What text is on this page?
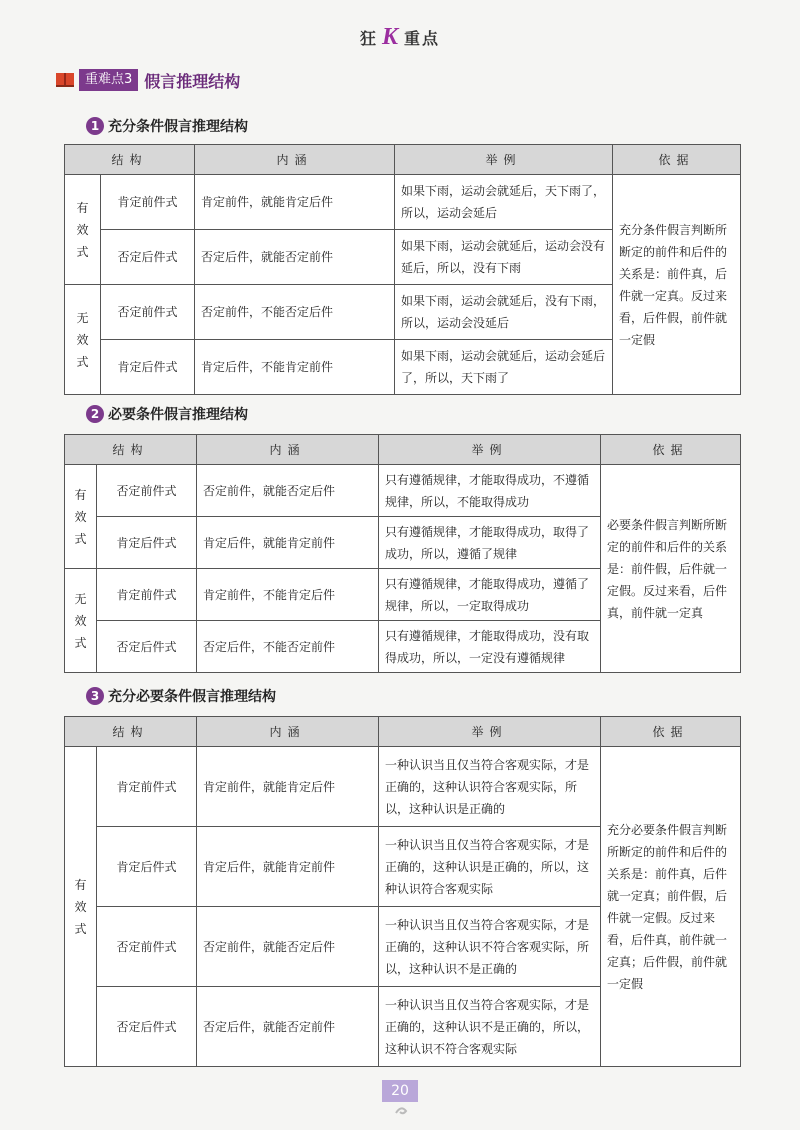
狂 K 重点
重难点3 假言推理结构
1 充分条件假言推理结构
结构		内涵	举例	依据
有效式	肯定前件式	肯定前件，就能肯定后件	如果下雨，运动会就延后，天下雨了，所以，运动会延后	充分条件假言判断所断定的前件和后件的关系是：前件真，后件就一定真。反过来看，后件假，前件就一定假
	否定后件式	否定后件，就能否定前件	如果下雨，运动会就延后，运动会没有延后，所以，没有下雨	
无效式	否定前件式	否定前件，不能否定后件	如果下雨，运动会就延后，没有下雨，所以，运动会没延后	
	肯定后件式	肯定后件，不能肯定前件	如果下雨，运动会就延后，运动会延后了，所以，天下雨了	
2 必要条件假言推理结构
结构		内涵	举例	依据
有效式	否定前件式	否定前件，就能否定后件	只有遵循规律，才能取得成功，不遵循规律，所以，不能取得成功	必要条件假言判断所断定的前件和后件的关系是：前件假，后件就一定假。反过来看，后件真，前件就一定真
	肯定后件式	肯定后件，就能肯定前件	只有遵循规律，才能取得成功，取得了成功，所以，遵循了规律	
无效式	肯定前件式	肯定前件，不能肯定后件	只有遵循规律，才能取得成功，遵循了规律，所以，一定取得成功	
	否定后件式	否定后件，不能否定前件	只有遵循规律，才能取得成功，没有取得成功，所以，一定没有遵循规律	
3 充分必要条件假言推理结构
结构		内涵	举例	依据
有效式	肯定前件式	肯定前件，就能肯定后件	一种认识当且仅当符合客观实际，才是正确的，这种认识符合客观实际，所以，这种认识是正确的	充分必要条件假言判断所断定的前件和后件的关系是：前件真，后件就一定真；前件假，后件就一定假。反过来看，后件真，前件就一定真；后件假，前件就一定假
	肯定后件式	肯定后件，就能肯定前件	一种认识当且仅当符合客观实际，才是正确的，这种认识是正确的，所以，这种认识符合客观实际	
	否定前件式	否定前件，就能否定后件	一种认识当且仅当符合客观实际，才是正确的，这种认识不符合客观实际，所以，这种认识不是正确的	
	否定后件式	否定后件，就能否定前件	一种认识当且仅当符合客观实际，才是正确的，这种认识不是正确的，所以，这种认识不符合客观实际	
20
